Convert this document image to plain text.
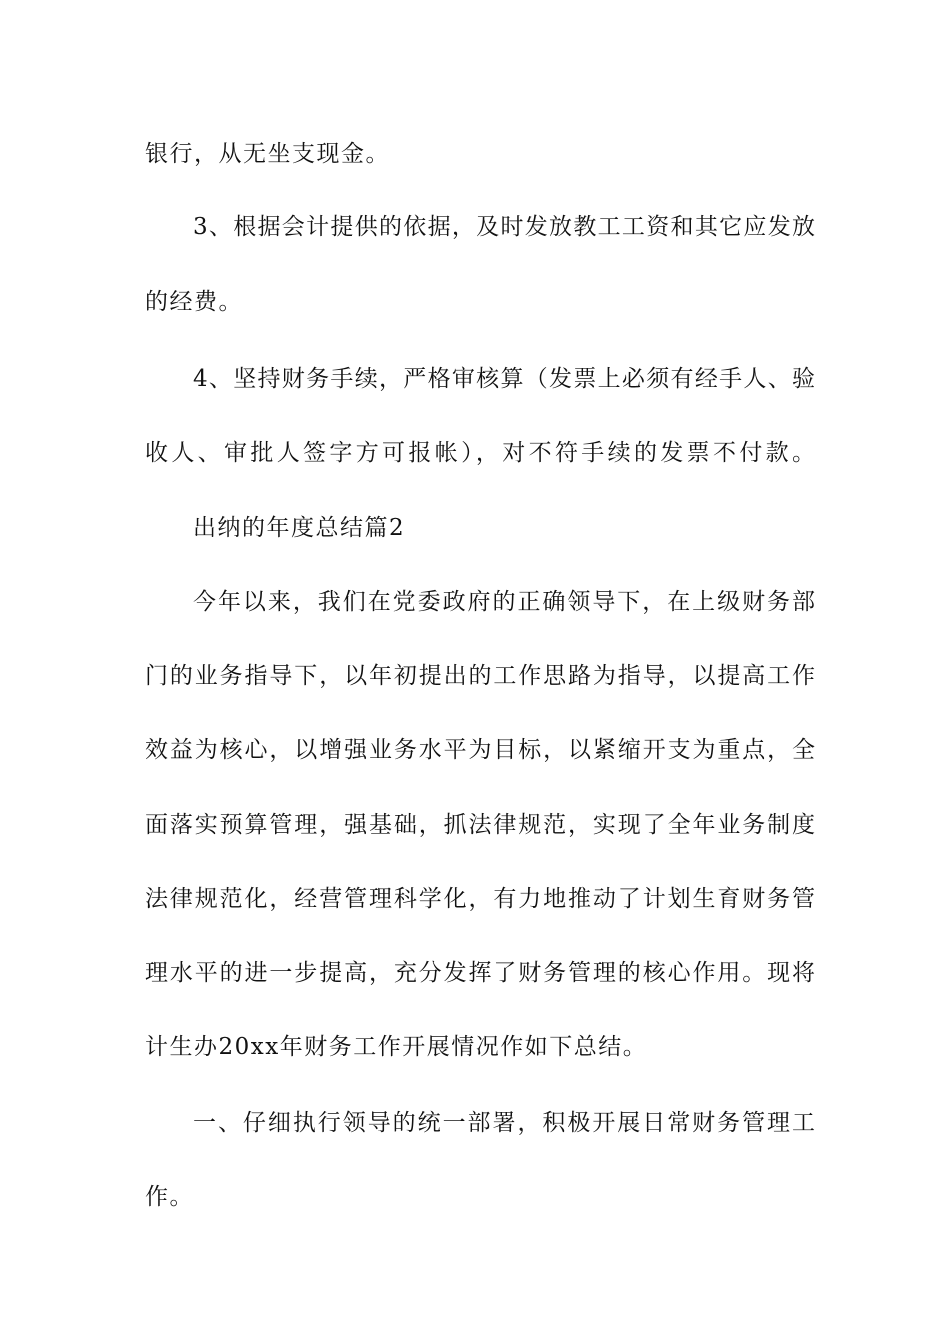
银行，从无坐支现金。
3、根据会计提供的依据，及时发放教工工资和其它应发放
的经费。
4、坚持财务手续，严格审核算（发票上必须有经手人、验
收人、审批人签字方可报帐），对不符手续的发票不付款。
出纳的年度总结篇2
今年以来，我们在党委政府的正确领导下，在上级财务部
门的业务指导下，以年初提出的工作思路为指导，以提高工作
效益为核心，以增强业务水平为目标，以紧缩开支为重点，全
面落实预算管理，强基础，抓法律规范，实现了全年业务制度
法律规范化，经营管理科学化，有力地推动了计划生育财务管
理水平的进一步提高，充分发挥了财务管理的核心作用。现将
计生办20xx年财务工作开展情况作如下总结。
一、仔细执行领导的统一部署，积极开展日常财务管理工
作。
